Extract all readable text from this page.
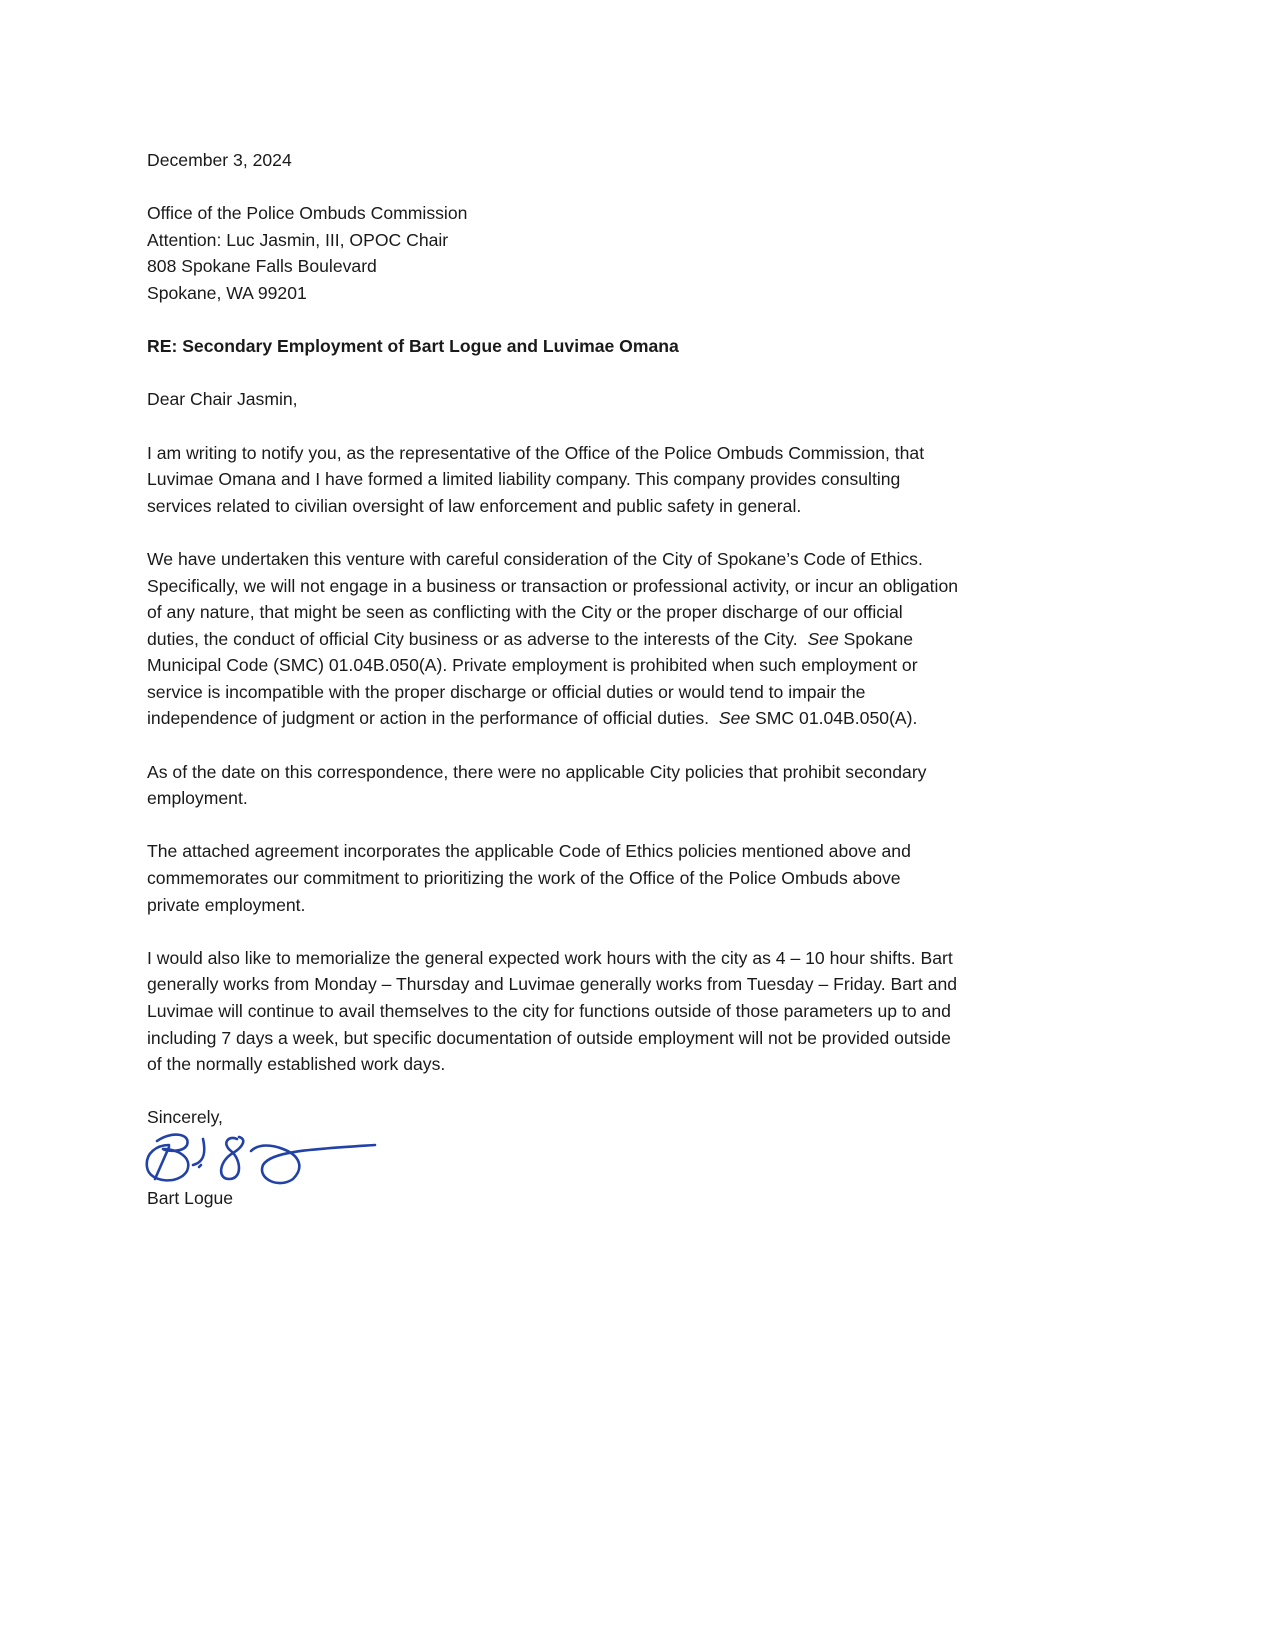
December 3, 2024
Office of the Police Ombuds Commission
Attention: Luc Jasmin, III, OPOC Chair
808 Spokane Falls Boulevard
Spokane, WA 99201
RE: Secondary Employment of Bart Logue and Luvimae Omana
Dear Chair Jasmin,
I am writing to notify you, as the representative of the Office of the Police Ombuds Commission, that
Luvimae Omana and I have formed a limited liability company. This company provides consulting
services related to civilian oversight of law enforcement and public safety in general.
We have undertaken this venture with careful consideration of the City of Spokane’s Code of Ethics.
Specifically, we will not engage in a business or transaction or professional activity, or incur an obligation
of any nature, that might be seen as conflicting with the City or the proper discharge of our official
duties, the conduct of official City business or as adverse to the interests of the City.  See Spokane
Municipal Code (SMC) 01.04B.050(A). Private employment is prohibited when such employment or
service is incompatible with the proper discharge or official duties or would tend to impair the
independence of judgment or action in the performance of official duties.  See SMC 01.04B.050(A).
As of the date on this correspondence, there were no applicable City policies that prohibit secondary
employment.
The attached agreement incorporates the applicable Code of Ethics policies mentioned above and
commemorates our commitment to prioritizing the work of the Office of the Police Ombuds above
private employment.
I would also like to memorialize the general expected work hours with the city as 4 – 10 hour shifts. Bart
generally works from Monday – Thursday and Luvimae generally works from Tuesday – Friday. Bart and
Luvimae will continue to avail themselves to the city for functions outside of those parameters up to and
including 7 days a week, but specific documentation of outside employment will not be provided outside
of the normally established work days.
Sincerely,
Bart Logue
